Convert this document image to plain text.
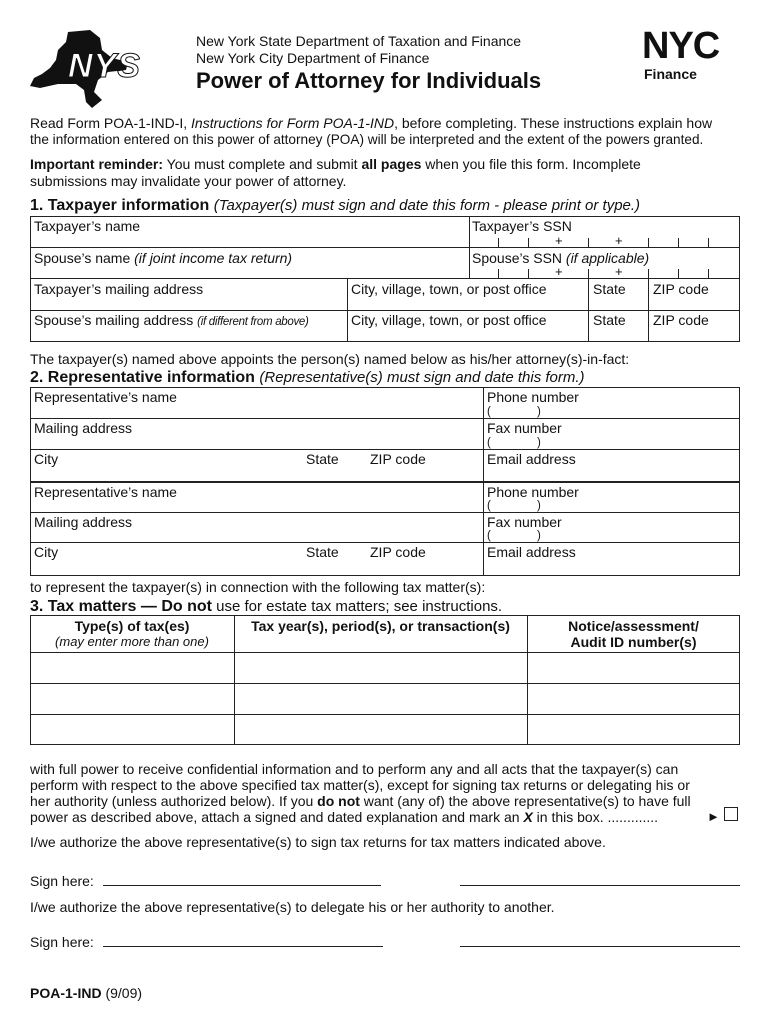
NYS
New York State Department of Taxation and Finance
New York City Department of Finance
Power of Attorney for Individuals
NYC
Finance
Read Form POA-1-IND-I, Instructions for Form POA-1-IND, before completing. These instructions explain how
the information entered on this power of attorney (POA) will be interpreted and the extent of the powers granted.
Important reminder: You must complete and submit all pages when you file this form. Incomplete
submissions may invalidate your power of attorney.
1. Taxpayer information (Taxpayer(s) must sign and date this form - please print or type.)
Taxpayer’s name	Taxpayer’s SSN
+	+
Spouse’s name (if joint income tax return)	Spouse’s SSN (if applicable)
+	+
Taxpayer’s mailing address	City, village, town, or post office	State ZIP code
Spouse’s mailing address (if different from above)	City, village, town, or post office	State ZIP code
The taxpayer(s) named above appoints the person(s) named below as his/her attorney(s)-in-fact:
2. Representative information (Representative(s) must sign and date this form.)
Representative’s name	Phone number
(	)
Mailing address	Fax number
(	)
City	State ZIP code	Email address
Representative’s name	Phone number
(	)
Mailing address	Fax number
(	)
City	State ZIP code	Email address
to represent the taxpayer(s) in connection with the following tax matter(s):
3. Tax matters — Do not use for estate tax matters; see instructions.
Type(s) of tax(es)
(may enter more than one)
Tax year(s), period(s), or transaction(s)	Notice/assessment/
Audit ID number(s)
with full power to receive confidential information and to perform any and all acts that the taxpayer(s) can
perform with respect to the above specified tax matter(s), except for signing tax returns or delegating his or
her authority (unless authorized below). If you do not want (any of) the above representative(s) to have full
power as described above, attach a signed and dated explanation and mark an X in this box. .............	►
I/we authorize the above representative(s) to sign tax returns for tax matters indicated above.
Sign here:
I/we authorize the above representative(s) to delegate his or her authority to another.
Sign here:
POA-1-IND (9/09)
